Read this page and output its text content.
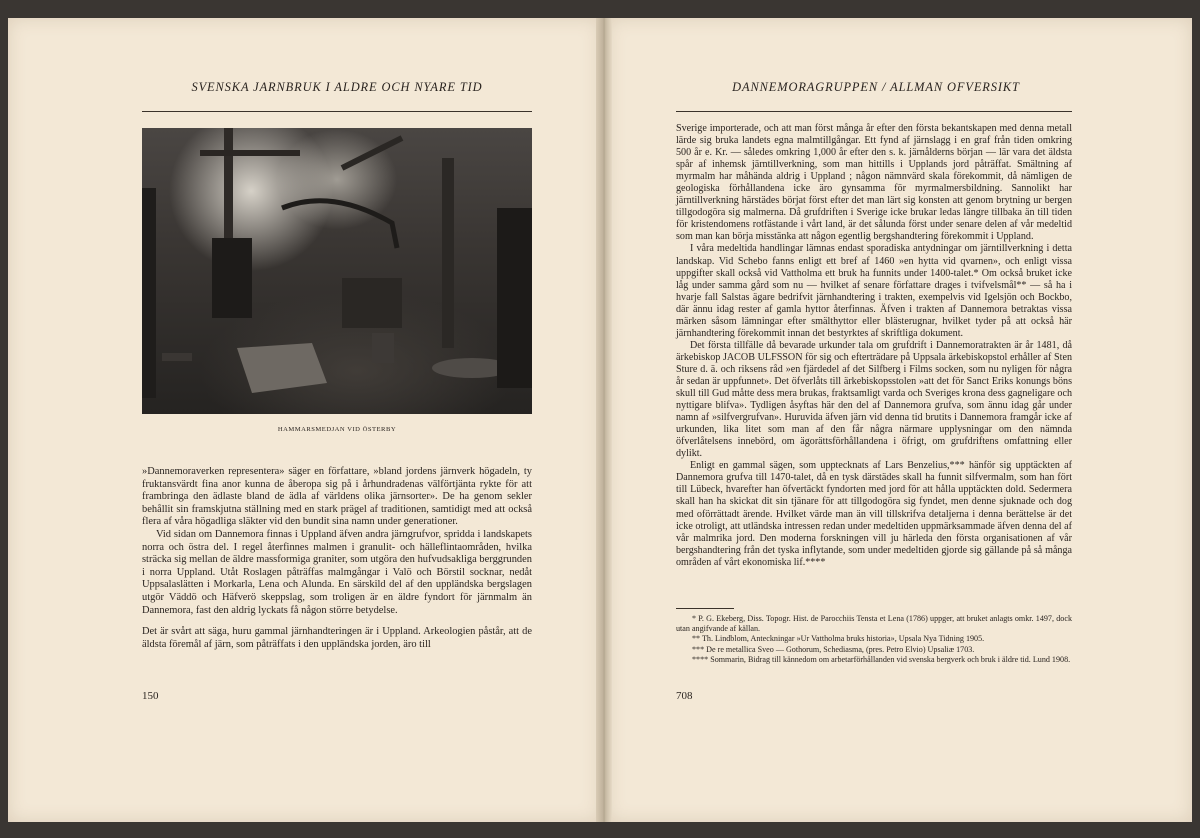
SVENSKA JARNBRUK I ALDRE OCH NYARE TID
HAMMARSMEDJAN VID ÖSTERBY

»Dannemoraverken representera» säger en författare, »bland jordens järnverk högadeln, ty fruktansvärdt fina anor kunna de åberopa sig på i århundradenas välförtjänta rykte för att frambringa den ädlaste bland de ädla af världens olika järnsorter». De ha genom sekler behållit sin framskjutna ställning med en stark prägel af traditionen, samtidigt med att också flera af våra högadliga släkter vid den bundit sina namn under generationer.

Vid sidan om Dannemora finnas i Uppland äfven andra järngrufvor, spridda i landskapets norra och östra del. I regel återfinnes malmen i granulit- och hälleflintaområden, hvilka sträcka sig mellan de äldre massformiga graniter, som utgöra den hufvudsakliga berggrunden i norra Uppland. Utåt Roslagen påträffas malmgångar i Valö och Börstil socknar, nedåt Uppsalaslätten i Morkarla, Lena och Alunda. En särskild del af den uppländska bergslagen utgör Väddö och Häfverö skeppslag, som troligen är en äldre fyndort för järnmalm än Dannemora, fast den aldrig lyckats få någon större betydelse.

Det är svårt att säga, huru gammal järnhandteringen är i Uppland. Arkeologien påstår, att de äldsta föremål af järn, som påträffats i den uppländska jorden, äro till

150
DANNEMORAGRUPPEN / ALLMAN OFVERSIKT

Sverige importerade, och att man först många år efter den första bekantskapen med denna metall lärde sig bruka landets egna malmtillgångar. Ett fynd af järnslagg i en graf från tiden omkring 500 år e. Kr. — således omkring 1,000 år efter den s. k. järnålderns början — lär vara det äldsta spår af inhemsk järntillverkning, som man hittills i Upplands jord påträffat. Smältning af myrmalm har måhända aldrig i Uppland ; någon nämnvärd skala förekommit, då nämligen de geologiska förhållandena icke äro gynsamma för myrmalmersbildning. Sannolikt har järntillverkning härstädes börjat först efter det man lärt sig konsten att genom brytning ur bergen tillgodogöra sig malmerna. Då grufdriften i Sverige icke brukar ledas längre tillbaka än till tiden för kristendomens rotfästande i vårt land, är det sålunda först under senare delen af vår medeltid som man kan börja misstänka att någon egentlig bergshandtering förekommit i Uppland.

I våra medeltida handlingar lämnas endast sporadiska antydningar om järntillverkning i detta landskap. Vid Schebo fanns enligt ett bref af 1460 »en hytta vid qvarnen», och enligt vissa uppgifter skall också vid Vattholma ett bruk ha funnits under 1400-talet.* Om också bruket icke låg under samma gård som nu — hvilket af senare författare drages i tvifvelsmål** — så ha i hvarje fall Salstas ägare bedrifvit järnhandtering i trakten, exempelvis vid Igelsjön och Bockbo, där ännu idag rester af gamla hyttor återfinnas. Äfven i trakten af Dannemora betraktas vissa märken såsom lämningar efter smälthyttor eller blästerugnar, hvilket tyder på att också här järnhandtering förekommit innan det bestyrktes af skriftliga dokument.

Det första tillfälle då bevarade urkunder tala om grufdrift i Dannemoratrakten är år 1481, då ärkebiskop JACOB ULFSSON för sig och efterträdare på Uppsala ärkebiskopstol erhåller af Sten Sture d. ä. och riksens råd »en fjärdedel af det Silfberg i Films socken, som nu nyligen för några år sedan är uppfunnet». Det öfverlåts till ärkebiskopsstolen »att det för Sanct Eriks konungs böns skull till Gud måtte dess mera brukas, fraktsamligt varda och Sveriges krona dess gagneligare och nyttigare blifva». Tydligen åsyftas här den del af Dannemora grufva, som ännu idag går under namn af »silfvergrufvan». Huruvida äfven järn vid denna tid brutits i Dannemora framgår icke af urkunden, lika litet som man af den får några närmare upplysningar om den nämnda öfverlåtelsens innebörd, om ägorättsförhållandena i öfrigt, om grufdriftens omfattning eller dylikt.

Enligt en gammal sägen, som upptecknats af Lars Benzelius,*** hänför sig upptäckten af Dannemora grufva till 1470-talet, då en tysk därstädes skall ha funnit silfvermalm, som han fört till Lübeck, hvarefter han öfvertäckt fyndorten med jord för att hålla upptäckten dold. Sedermera skall han ha skickat dit sin tjänare för att tillgodogöra sig fyndet, men denne sjuknade och dog med oförrättadt ärende. Hvilket värde man än vill tillskrifva detaljerna i denna berättelse är det icke otroligt, att utländska intressen redan under medeltiden uppmärksammade äfven denna del af vår malmrika jord. Den moderna forskningen vill ju härleda den första organisationen af vår bergshandtering från det tyska inflytande, som under medeltiden gjorde sig gällande på så många områden af vårt ekonomiska lif.****

* P. G. Ekeberg, Diss. Topogr. Hist. de Parocchiis Tensta et Lena (1786) uppger, att bruket anlagts omkr. 1497, dock utan angifvande af källan.

** Th. Lindblom, Anteckningar »Ur Vattholma bruks historia», Upsala Nya Tidning 1905.

*** De re metallica Sveo — Gothorum, Schediasma, (pres. Petro Elvio) Upsaliæ 1703.

**** Sommarin, Bidrag till kännedom om arbetarförhållanden vid svenska bergverk och bruk i äldre tid. Lund 1908.

708
